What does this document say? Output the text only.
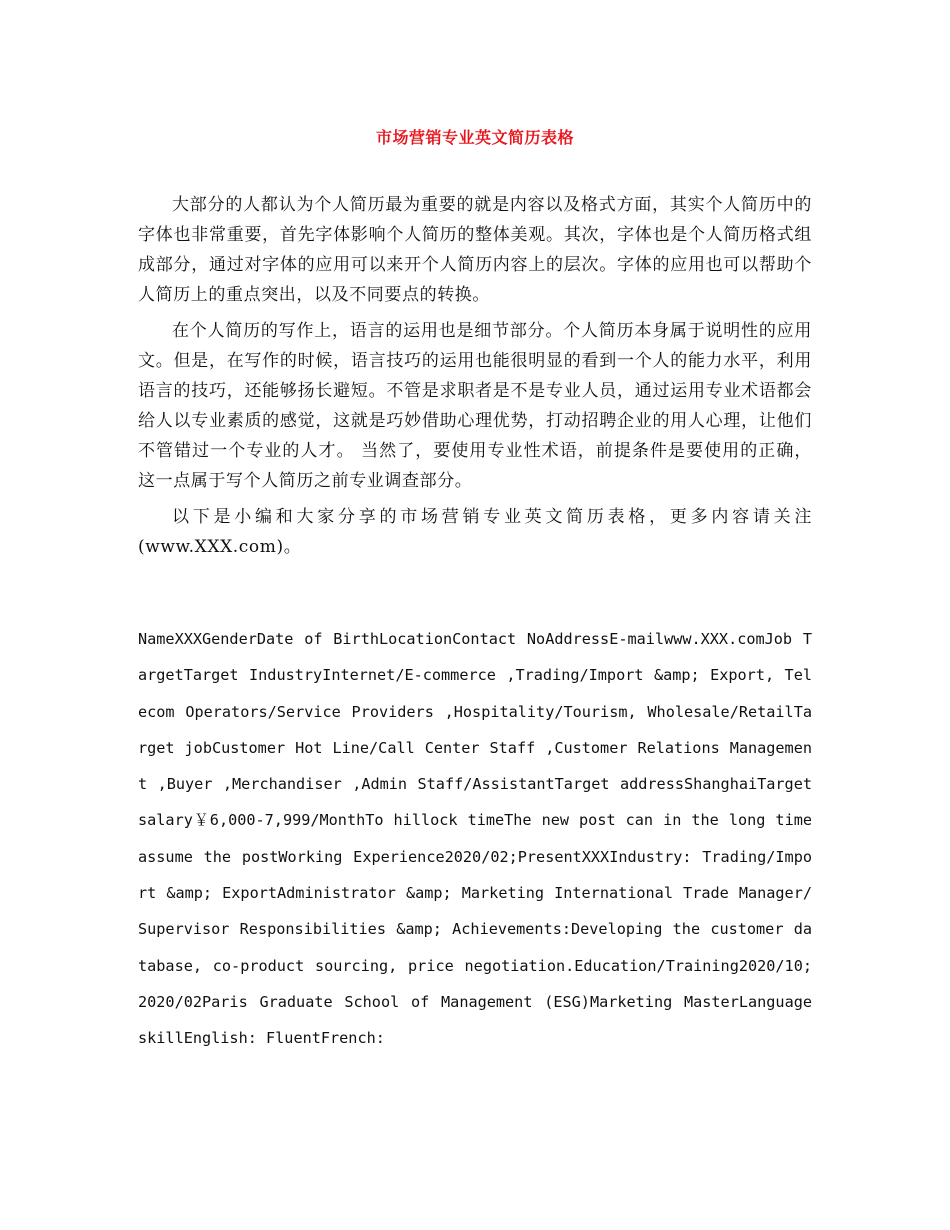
市场营销专业英文简历表格

大部分的人都认为个人简历最为重要的就是内容以及格式方面，其实个人简历中的字体也非常重要，首先字体影响个人简历的整体美观。其次，字体也是个人简历格式组成部分，通过对字体的应用可以来开个人简历内容上的层次。字体的应用也可以帮助个人简历上的重点突出，以及不同要点的转换。

在个人简历的写作上，语言的运用也是细节部分。个人简历本身属于说明性的应用文。但是，在写作的时候，语言技巧的运用也能很明显的看到一个人的能力水平，利用语言的技巧，还能够扬长避短。不管是求职者是不是专业人员，通过运用专业术语都会给人以专业素质的感觉，这就是巧妙借助心理优势，打动招聘企业的用人心理，让他们不管错过一个专业的人才。 当然了，要使用专业性术语，前提条件是要使用的正确，这一点属于写个人简历之前专业调查部分。

以下是小编和大家分享的市场营销专业英文简历表格，更多内容请关注(www.XXX.com)。

NameXXXGenderDate of BirthLocationContact NoAddressE-mailwww.XXX.comJob TargetTarget IndustryInternet/E-commerce ,Trading/Import &amp; Export, Telecom Operators/Service Providers ,Hospitality/Tourism, Wholesale/RetailTarget jobCustomer Hot Line/Call Center Staff ,Customer Relations Management ,Buyer ,Merchandiser ,Admin Staff/AssistantTarget addressShanghaiTarget salary￥6,000-7,999/MonthTo hillock timeThe new post can in the long time assume the postWorking Experience2020/02;PresentXXXIndustry: Trading/Import &amp; ExportAdministrator &amp; Marketing International Trade Manager/Supervisor Responsibilities &amp; Achievements:Developing the customer database, co-product sourcing, price negotiation.Education/Training2020/10;2020/02Paris Graduate School of Management (ESG)Marketing MasterLanguage skillEnglish: FluentFrench:
